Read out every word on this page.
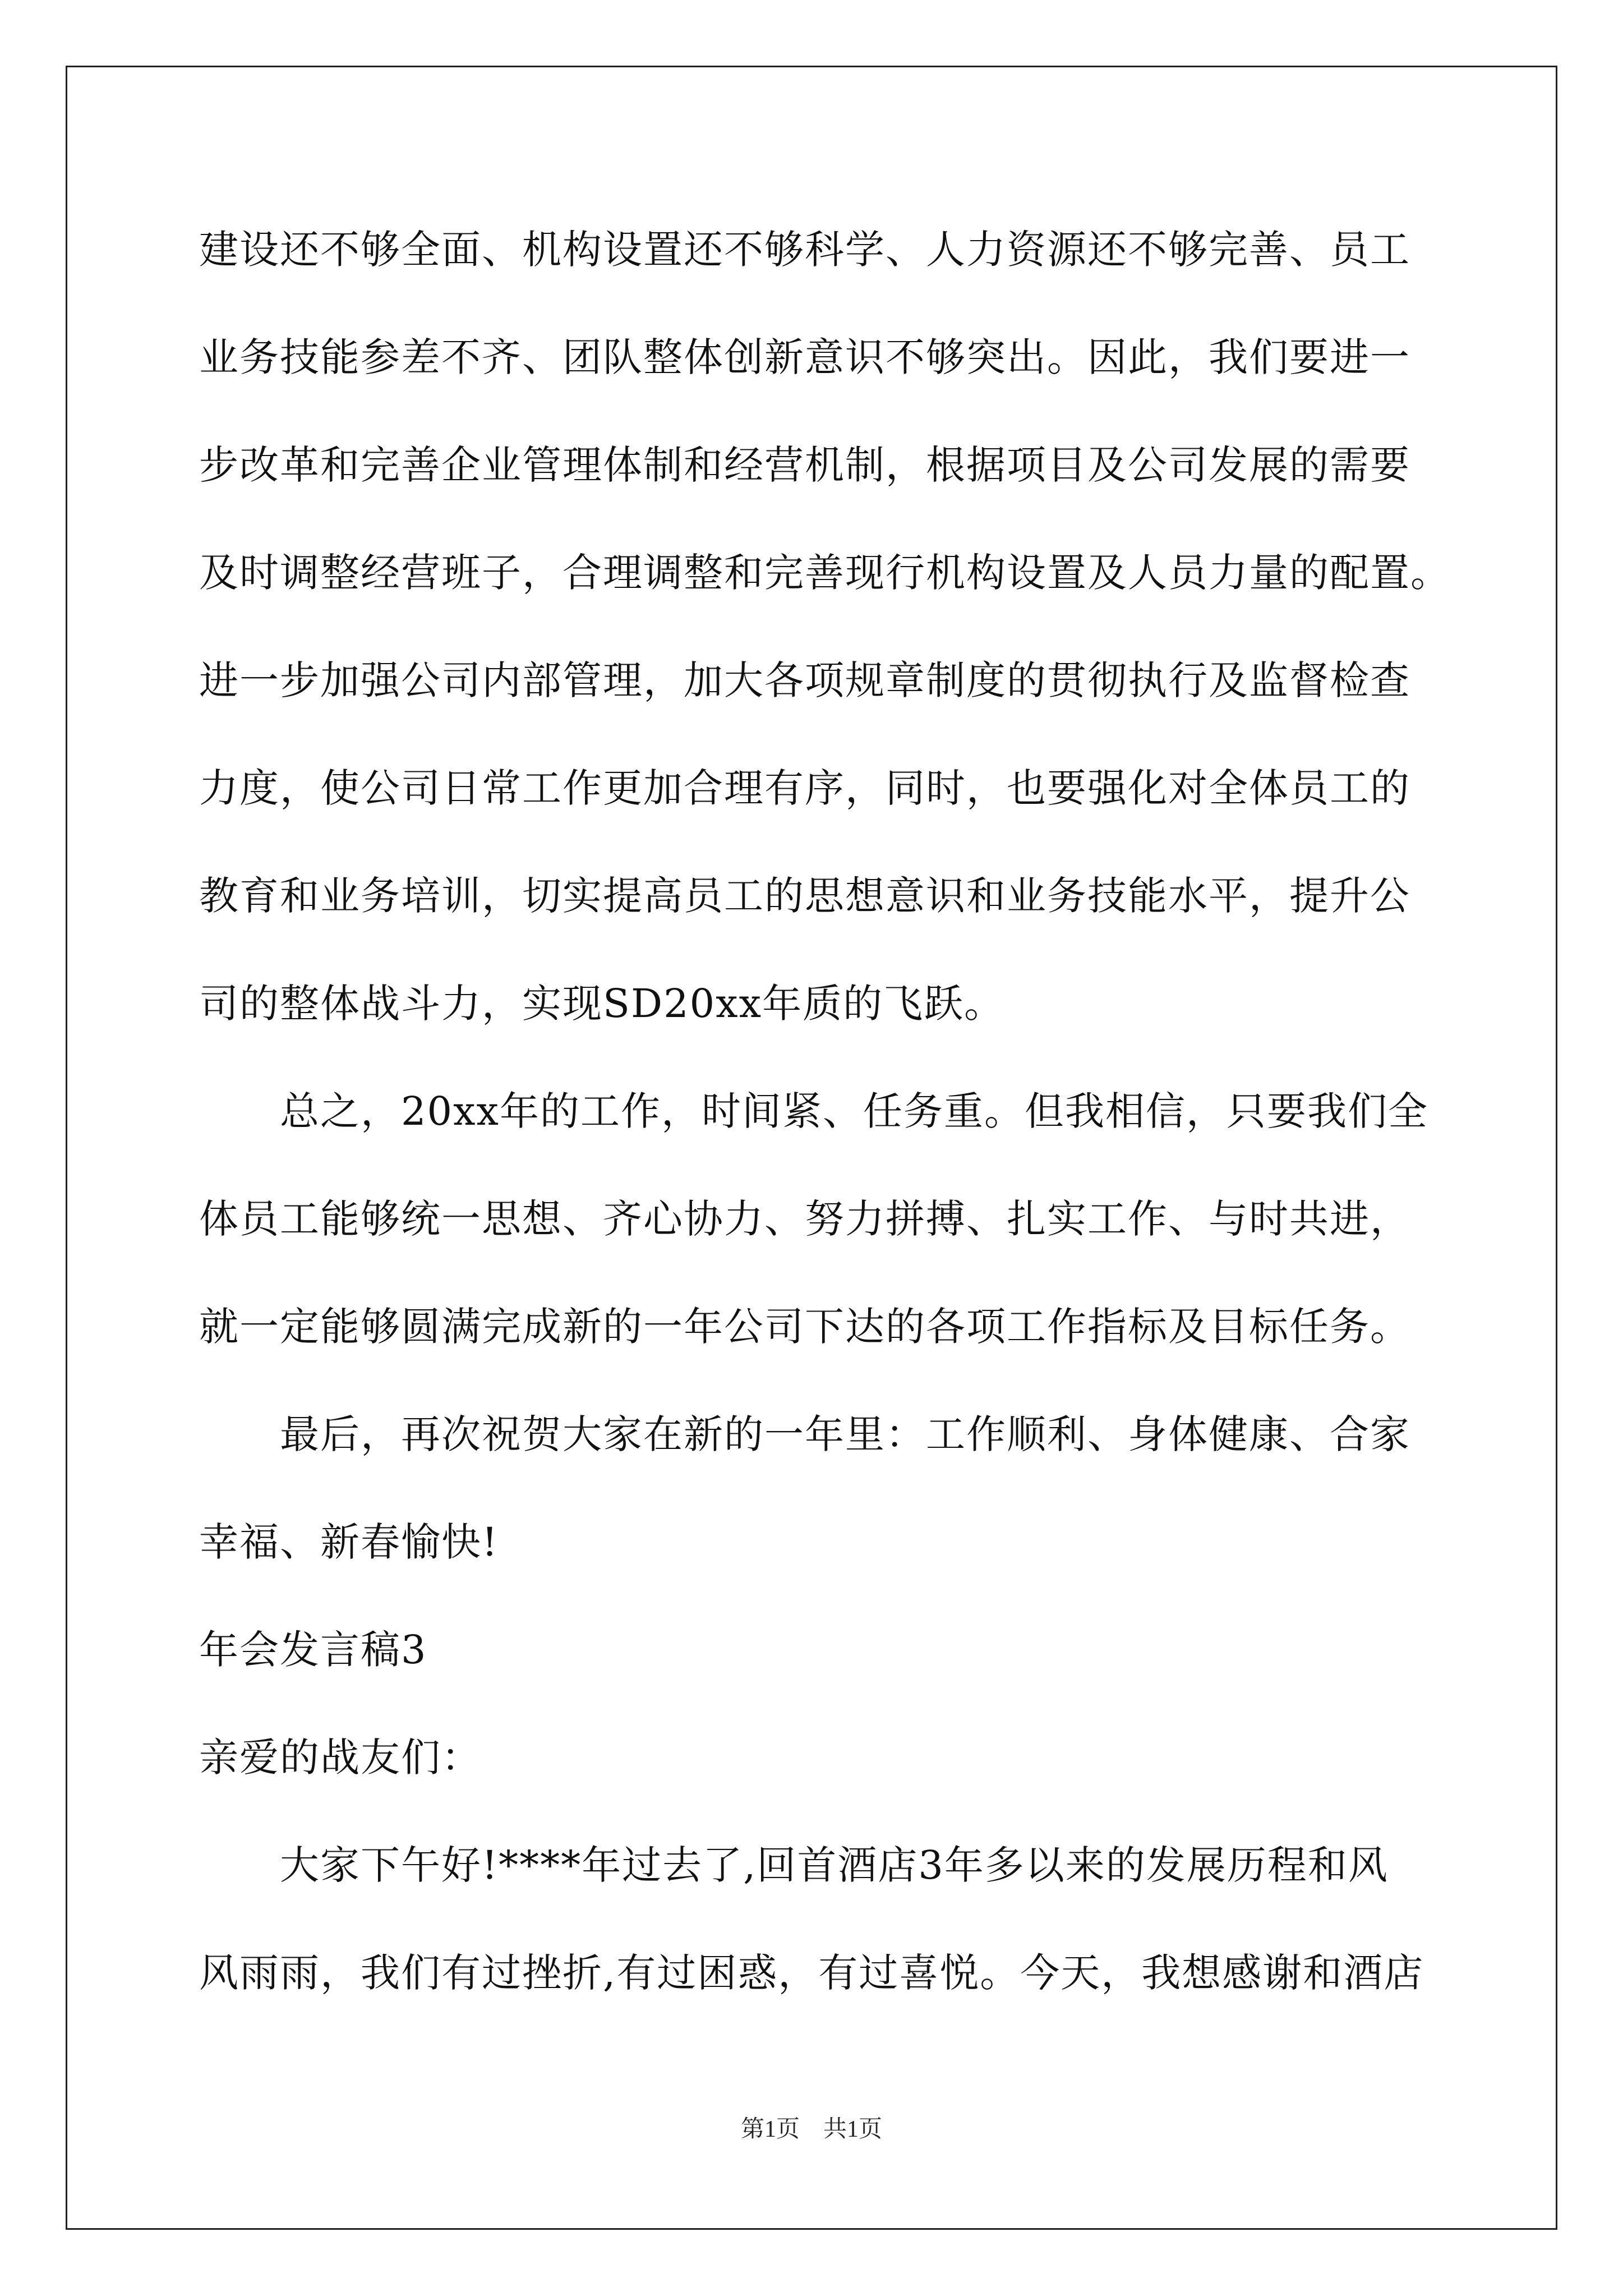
建设还不够全面、机构设置还不够科学、人力资源还不够完善、员工
业务技能参差不齐、团队整体创新意识不够突出。因此，我们要进一
步改革和完善企业管理体制和经营机制，根据项目及公司发展的需要
及时调整经营班子，合理调整和完善现行机构设置及人员力量的配置。
进一步加强公司内部管理，加大各项规章制度的贯彻执行及监督检查
力度，使公司日常工作更加合理有序，同时，也要强化对全体员工的
教育和业务培训，切实提高员工的思想意识和业务技能水平，提升公
司的整体战斗力，实现SD20xx年质的飞跃。
　　总之，20xx年的工作，时间紧、任务重。但我相信，只要我们全
体员工能够统一思想、齐心协力、努力拼搏、扎实工作、与时共进，
就一定能够圆满完成新的一年公司下达的各项工作指标及目标任务。
　　最后，再次祝贺大家在新的一年里：工作顺利、身体健康、合家
幸福、新春愉快!
年会发言稿3
亲爱的战友们：
　　大家下午好!****年过去了,回首酒店3年多以来的发展历程和风
风雨雨，我们有过挫折,有过困惑，有过喜悦。今天，我想感谢和酒店
第1页　共1页
